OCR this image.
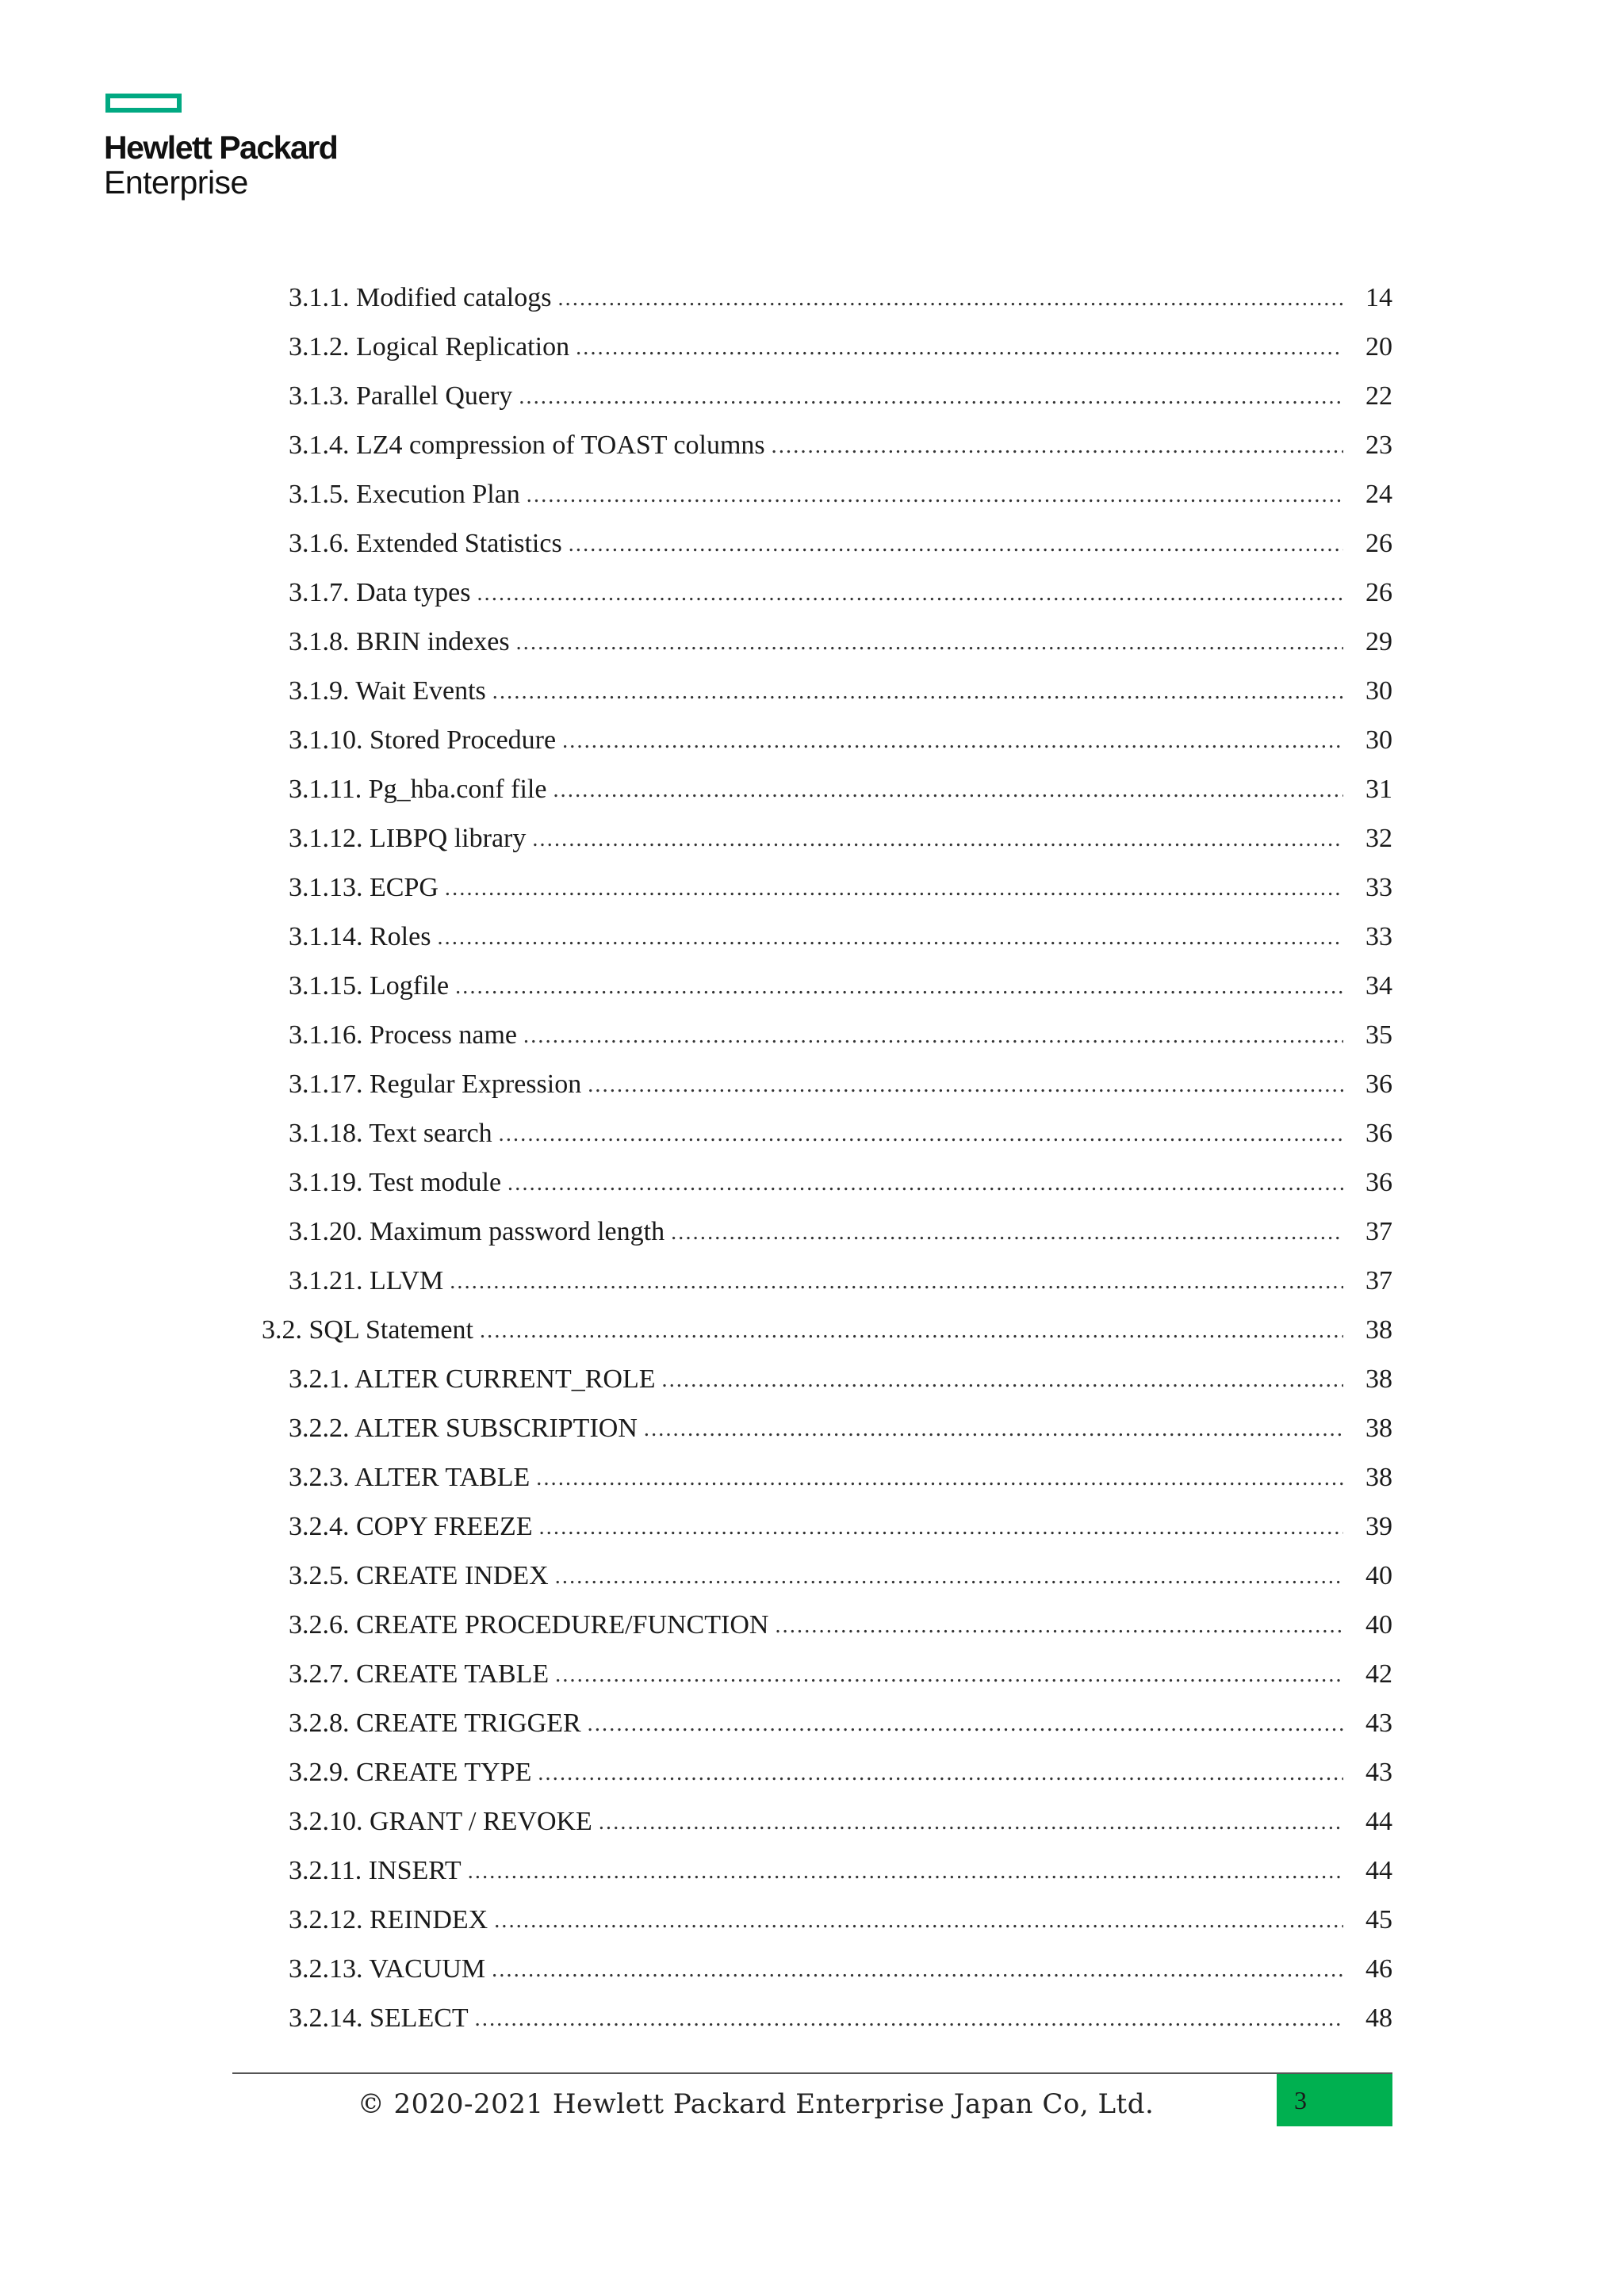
Hewlett Packard
Enterprise
3.1.1. Modified catalogs .....	14
3.1.2. Logical Replication .....	20
3.1.3. Parallel Query .....	22
3.1.4. LZ4 compression of TOAST columns .....	23
3.1.5. Execution Plan .....	24
3.1.6. Extended Statistics .....	26
3.1.7. Data types .....	26
3.1.8. BRIN indexes .....	29
3.1.9. Wait Events .....	30
3.1.10. Stored Procedure .....	30
3.1.11. Pg_hba.conf file .....	31
3.1.12. LIBPQ library .....	32
3.1.13. ECPG .....	33
3.1.14. Roles .....	33
3.1.15. Logfile .....	34
3.1.16. Process name .....	35
3.1.17. Regular Expression .....	36
3.1.18. Text search .....	36
3.1.19. Test module .....	36
3.1.20. Maximum password length .....	37
3.1.21. LLVM .....	37
3.2. SQL Statement .....	38
3.2.1. ALTER CURRENT_ROLE .....	38
3.2.2. ALTER SUBSCRIPTION .....	38
3.2.3. ALTER TABLE .....	38
3.2.4. COPY FREEZE .....	39
3.2.5. CREATE INDEX .....	40
3.2.6. CREATE PROCEDURE/FUNCTION .....	40
3.2.7. CREATE TABLE .....	42
3.2.8. CREATE TRIGGER .....	43
3.2.9. CREATE TYPE .....	43
3.2.10. GRANT / REVOKE .....	44
3.2.11. INSERT .....	44
3.2.12. REINDEX .....	45
3.2.13. VACUUM .....	46
3.2.14. SELECT .....	48
© 2020-2021 Hewlett Packard Enterprise Japan Co, Ltd.	3
